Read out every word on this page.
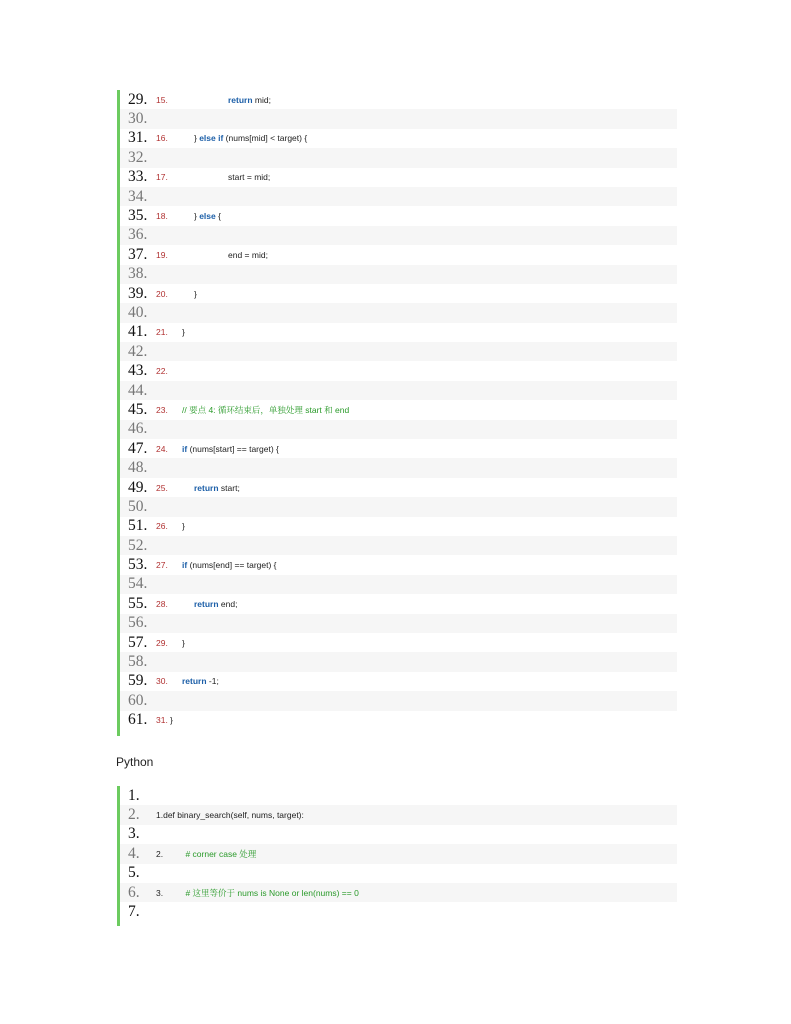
29.	15.	return mid;
30.
31.	16.	} else if (nums[mid] < target) {
32.
33.	17.	start = mid;
34.
35.	18.	} else {
36.
37.	19.	end = mid;
38.
39.	20.	}
40.
41.	21.	}
42.
43.	22.
44.
45.	23.	// 要点 4: 循环结束后，单独处理 start 和 end
46.
47.	24.	if (nums[start] == target) {
48.
49.	25.	return start;
50.
51.	26.	}
52.
53.	27.	if (nums[end] == target) {
54.
55.	28.	return end;
56.
57.	29.	}
58.
59.	30.	return -1;
60.
61.	31. }
Python
1.
2.	1.def binary_search(self, nums, target):
3.
4.	2.	# corner case 处理
5.
6.	3.	# 这里等价于 nums is None or len(nums) == 0
7.
